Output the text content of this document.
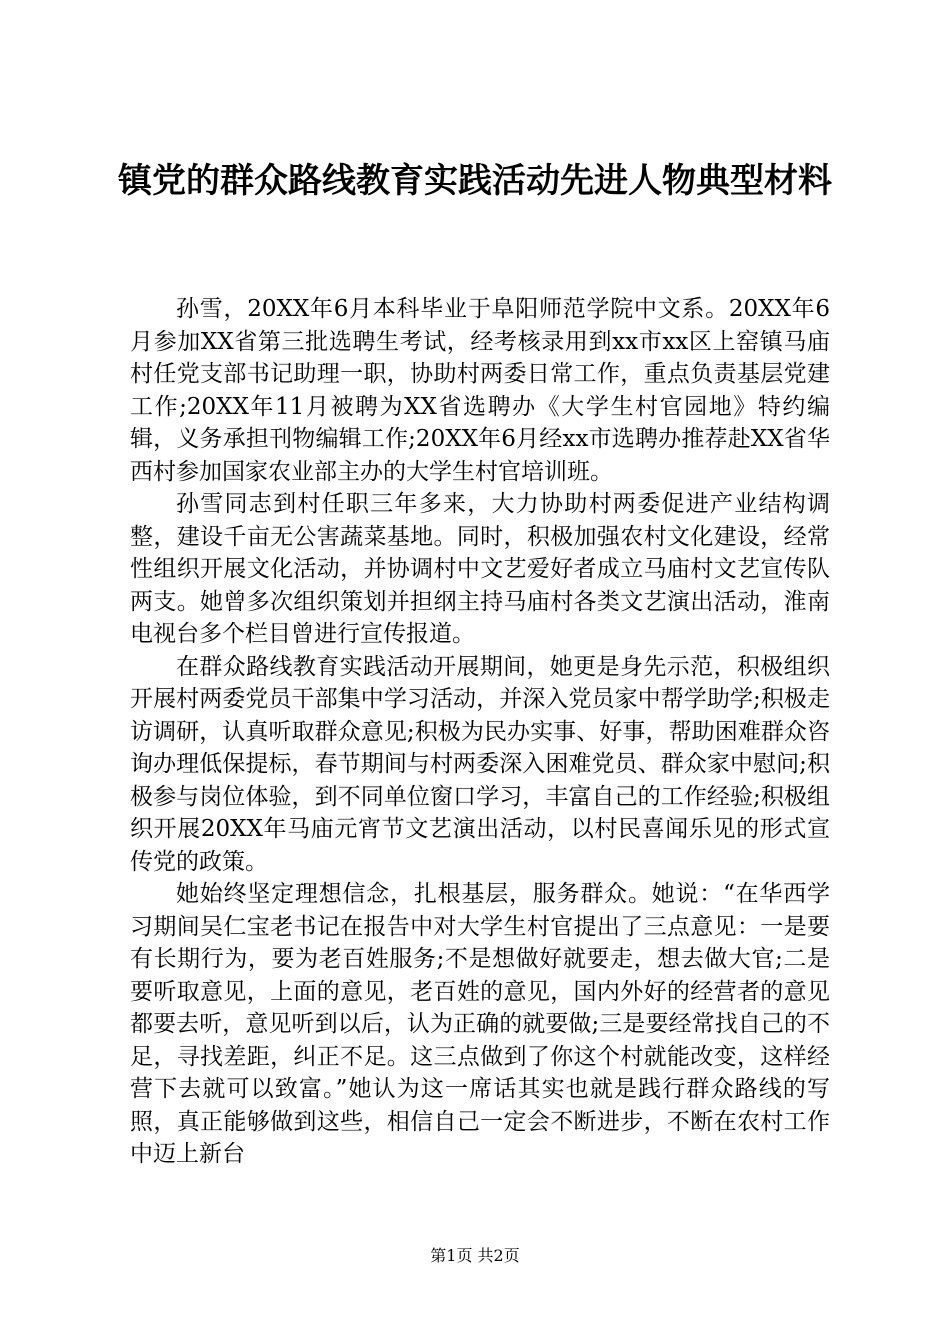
镇党的群众路线教育实践活动先进人物典型材料

孙雪，20XX年6月本科毕业于阜阳师范学院中文系。20XX年6月参加XX省第三批选聘生考试，经考核录用到xx市xx区上窑镇马庙村任党支部书记助理一职，协助村两委日常工作，重点负责基层党建工作;20XX年11月被聘为XX省选聘办《大学生村官园地》特约编辑，义务承担刊物编辑工作;20XX年6月经xx市选聘办推荐赴XX省华西村参加国家农业部主办的大学生村官培训班。

孙雪同志到村任职三年多来，大力协助村两委促进产业结构调整，建设千亩无公害蔬菜基地。同时，积极加强农村文化建设，经常性组织开展文化活动，并协调村中文艺爱好者成立马庙村文艺宣传队两支。她曾多次组织策划并担纲主持马庙村各类文艺演出活动，淮南电视台多个栏目曾进行宣传报道。

在群众路线教育实践活动开展期间，她更是身先示范，积极组织开展村两委党员干部集中学习活动，并深入党员家中帮学助学;积极走访调研，认真听取群众意见;积极为民办实事、好事，帮助困难群众咨询办理低保提标，春节期间与村两委深入困难党员、群众家中慰问;积极参与岗位体验，到不同单位窗口学习，丰富自己的工作经验;积极组织开展20XX年马庙元宵节文艺演出活动，以村民喜闻乐见的形式宣传党的政策。

她始终坚定理想信念，扎根基层，服务群众。她说：“在华西学习期间吴仁宝老书记在报告中对大学生村官提出了三点意见：一是要有长期行为，要为老百姓服务;不是想做好就要走，想去做大官;二是要听取意见，上面的意见，老百姓的意见，国内外好的经营者的意见都要去听，意见听到以后，认为正确的就要做;三是要经常找自己的不足，寻找差距，纠正不足。这三点做到了你这个村就能改变，这样经营下去就可以致富。”她认为这一席话其实也就是践行群众路线的写照，真正能够做到这些，相信自己一定会不断进步，不断在农村工作中迈上新台

第1页 共2页
